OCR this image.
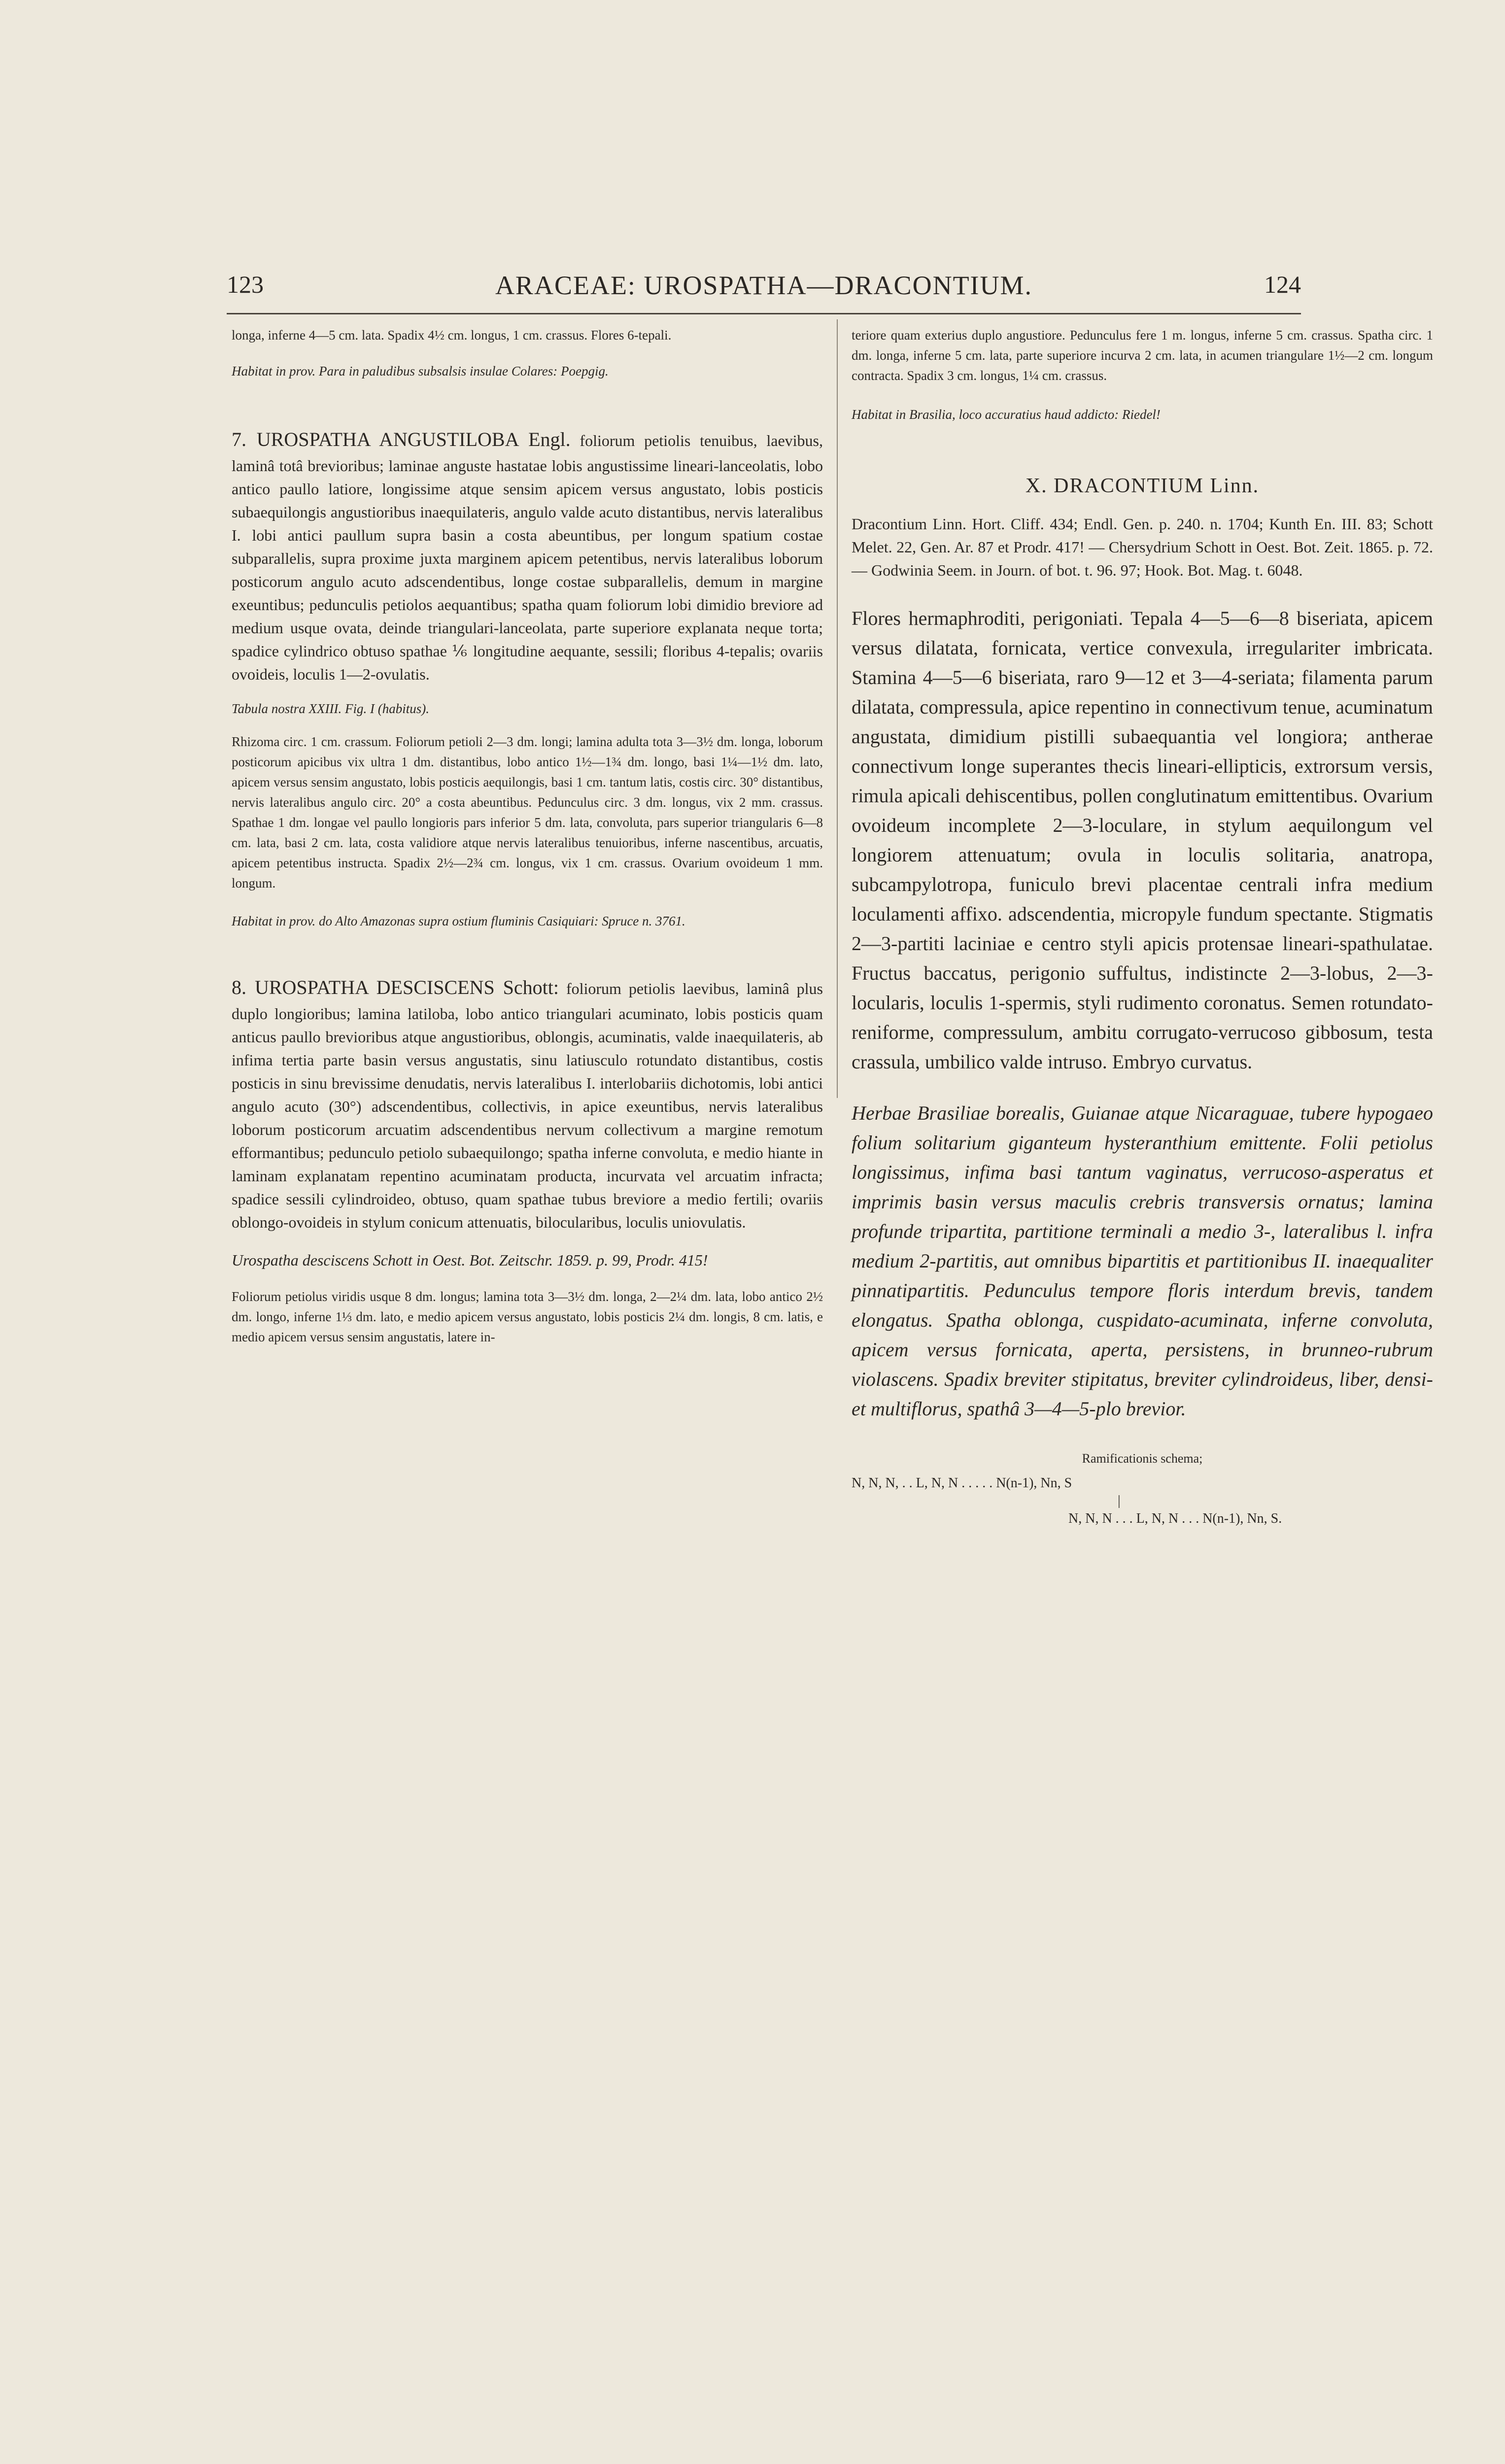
123	ARACEAE: UROSPATHA—DRACONTIUM.	124

longa, inferne 4—5 cm. lata. Spadix 4½ cm. longus, 1 cm. crassus. Flores 6-tepali.

Habitat in prov. Para in paludibus subsalsis insulae Colares: Poepgig.

7. UROSPATHA ANGUSTILOBA Engl. foliorum petiolis tenuibus, laevibus, laminâ totâ brevioribus; laminae anguste hastatae lobis angustissime lineari-lanceolatis, lobo antico paullo latiore, longissime atque sensim apicem versus angustato, lobis posticis subaequilongis angustioribus inaequilateris, angulo valde acuto distantibus, nervis lateralibus I. lobi antici paullum supra basin a costa abeuntibus, per longum spatium costae subparallelis, supra proxime juxta marginem apicem petentibus, nervis lateralibus loborum posticorum angulo acuto adscendentibus, longe costae subparallelis, demum in margine exeuntibus; pedunculis petiolos aequantibus; spatha quam foliorum lobi dimidio breviore ad medium usque ovata, deinde triangulari-lanceolata, parte superiore explanata neque torta; spadice cylindrico obtuso spathae ⅙ longitudine aequante, sessili; floribus 4-tepalis; ovariis ovoideis, loculis 1—2-ovulatis.

Tabula nostra XXIII. Fig. I (habitus).

Rhizoma circ. 1 cm. crassum. Foliorum petioli 2—3 dm. longi; lamina adulta tota 3—3½ dm. longa, loborum posticorum apicibus vix ultra 1 dm. distantibus, lobo antico 1½—1¾ dm. longo, basi 1¼—1½ dm. lato, apicem versus sensim angustato, lobis posticis aequilongis, basi 1 cm. tantum latis, costis circ. 30° distantibus, nervis lateralibus angulo circ. 20° a costa abeuntibus. Pedunculus circ. 3 dm. longus, vix 2 mm. crassus. Spathae 1 dm. longae vel paullo longioris pars inferior 5 dm. lata, convoluta, pars superior triangularis 6—8 cm. lata, basi 2 cm. lata, costa validiore atque nervis lateralibus tenuioribus, inferne nascentibus, arcuatis, apicem petentibus instructa. Spadix 2½—2¾ cm. longus, vix 1 cm. crassus. Ovarium ovoideum 1 mm. longum.

Habitat in prov. do Alto Amazonas supra ostium fluminis Casiquiari: Spruce n. 3761.

8. UROSPATHA DESCISCENS Schott: foliorum petiolis laevibus, laminâ plus duplo longioribus; lamina latiloba, lobo antico triangulari acuminato, lobis posticis quam anticus paullo brevioribus atque angustioribus, oblongis, acuminatis, valde inaequilateris, ab infima tertia parte basin versus angustatis, sinu latiusculo rotundato distantibus, costis posticis in sinu brevissime denudatis, nervis lateralibus I. interlobariis dichotomis, lobi antici angulo acuto (30°) adscendentibus, collectivis, in apice exeuntibus, nervis lateralibus loborum posticorum arcuatim adscendentibus nervum collectivum a margine remotum efformantibus; pedunculo petiolo subaequilongo; spatha inferne convoluta, e medio hiante in laminam explanatam repentino acuminatam producta, incurvata vel arcuatim infracta; spadice sessili cylindroideo, obtuso, quam spathae tubus breviore a medio fertili; ovariis oblongo-ovoideis in stylum conicum attenuatis, bilocularibus, loculis uniovulatis.

Urospatha desciscens Schott in Oest. Bot. Zeitschr. 1859. p. 99, Prodr. 415!

Foliorum petiolus viridis usque 8 dm. longus; lamina tota 3—3½ dm. longa, 2—2¼ dm. lata, lobo antico 2½ dm. longo, inferne 1⅓ dm. lato, e medio apicem versus angustato, lobis posticis 2¼ dm. longis, 8 cm. latis, e medio apicem versus sensim angustatis, latere in-

teriore quam exterius duplo angustiore. Pedunculus fere 1 m. longus, inferne 5 cm. crassus. Spatha circ. 1 dm. longa, inferne 5 cm. lata, parte superiore incurva 2 cm. lata, in acumen triangulare 1½—2 cm. longum contracta. Spadix 3 cm. longus, 1¼ cm. crassus.

Habitat in Brasilia, loco accuratius haud addicto: Riedel!

X. DRACONTIUM Linn.

Dracontium Linn. Hort. Cliff. 434; Endl. Gen. p. 240. n. 1704; Kunth En. III. 83; Schott Melet. 22, Gen. Ar. 87 et Prodr. 417! — Chersydrium Schott in Oest. Bot. Zeit. 1865. p. 72. — Godwinia Seem. in Journ. of bot. t. 96. 97; Hook. Bot. Mag. t. 6048.

Flores hermaphroditi, perigoniati. Tepala 4—5—6—8 biseriata, apicem versus dilatata, fornicata, vertice convexula, irregulariter imbricata. Stamina 4—5—6 biseriata, raro 9—12 et 3—4-seriata; filamenta parum dilatata, compressula, apice repentino in connectivum tenue, acuminatum angustata, dimidium pistilli subaequantia vel longiora; antherae connectivum longe superantes thecis lineari-ellipticis, extrorsum versis, rimula apicali dehiscentibus, pollen conglutinatum emittentibus. Ovarium ovoideum incomplete 2—3-loculare, in stylum aequilongum vel longiorem attenuatum; ovula in loculis solitaria, anatropa, subcampylotropa, funiculo brevi placentae centrali infra medium loculamenti affixo. adscendentia, micropyle fundum spectante. Stigmatis 2—3-partiti laciniae e centro styli apicis protensae lineari-spathulatae. Fructus baccatus, perigonio suffultus, indistincte 2—3-lobus, 2—3-locularis, loculis 1-spermis, styli rudimento coronatus. Semen rotundato-reniforme, compressulum, ambitu corrugato-verrucoso gibbosum, testa crassula, umbilico valde intruso. Embryo curvatus.

Herbae Brasiliae borealis, Guianae atque Nicaraguae, tubere hypogaeo folium solitarium giganteum hysteranthium emittente. Folii petiolus longissimus, infima basi tantum vaginatus, verrucoso-asperatus et imprimis basin versus maculis crebris transversis ornatus; lamina profunde tripartita, partitione terminali a medio 3-, lateralibus l. infra medium 2-partitis, aut omnibus bipartitis et partitionibus II. inaequaliter pinnatipartitis. Pedunculus tempore floris interdum brevis, tandem elongatus. Spatha oblonga, cuspidato-acuminata, inferne convoluta, apicem versus fornicata, aperta, persistens, in brunneo-rubrum violascens. Spadix breviter stipitatus, breviter cylindroideus, liber, densi- et multiflorus, spathâ 3—4—5-plo brevior.

Ramificationis schema;
N, N, N, . . L, N, N . . . . . N(n-1), Nn, S
|
N, N, N . . . L, N, N . . . N(n-1), Nn, S.
